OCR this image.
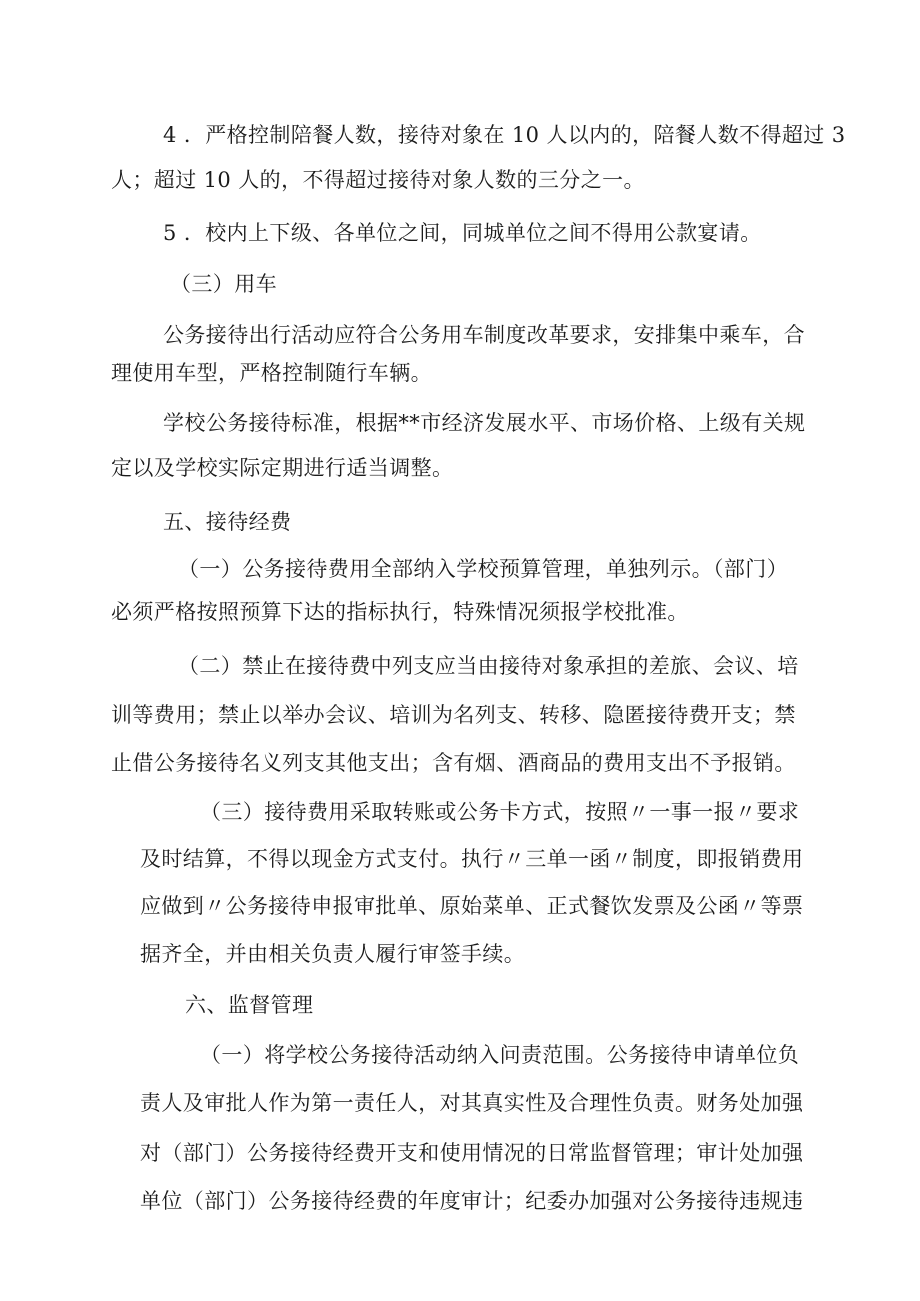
4 ．严格控制陪餐人数，接待对象在 10 人以内的，陪餐人数不得超过 3
人；超过 10 人的，不得超过接待对象人数的三分之一。
5 ．校内上下级、各单位之间，同城单位之间不得用公款宴请。
（三）用车
公务接待出行活动应符合公务用车制度改革要求，安排集中乘车，合
理使用车型，严格控制随行车辆。
学校公务接待标准，根据**市经济发展水平、市场价格、上级有关规
定以及学校实际定期进行适当调整。
五、接待经费
（一）公务接待费用全部纳入学校预算管理，单独列示。（部门）
必须严格按照预算下达的指标执行，特殊情况须报学校批准。
（二）禁止在接待费中列支应当由接待对象承担的差旅、会议、培
训等费用；禁止以举办会议、培训为名列支、转移、隐匿接待费开支；禁
止借公务接待名义列支其他支出；含有烟、酒商品的费用支出不予报销。
（三）接待费用采取转账或公务卡方式，按照〃一事一报〃要求
及时结算，不得以现金方式支付。执行〃三单一函〃制度，即报销费用
应做到〃公务接待申报审批单、原始菜单、正式餐饮发票及公函〃等票
据齐全，并由相关负责人履行审签手续。
六、监督管理
（一）将学校公务接待活动纳入问责范围。公务接待申请单位负
责人及审批人作为第一责任人，对其真实性及合理性负责。财务处加强
对（部门）公务接待经费开支和使用情况的日常监督管理；审计处加强
单位（部门）公务接待经费的年度审计；纪委办加强对公务接待违规违
